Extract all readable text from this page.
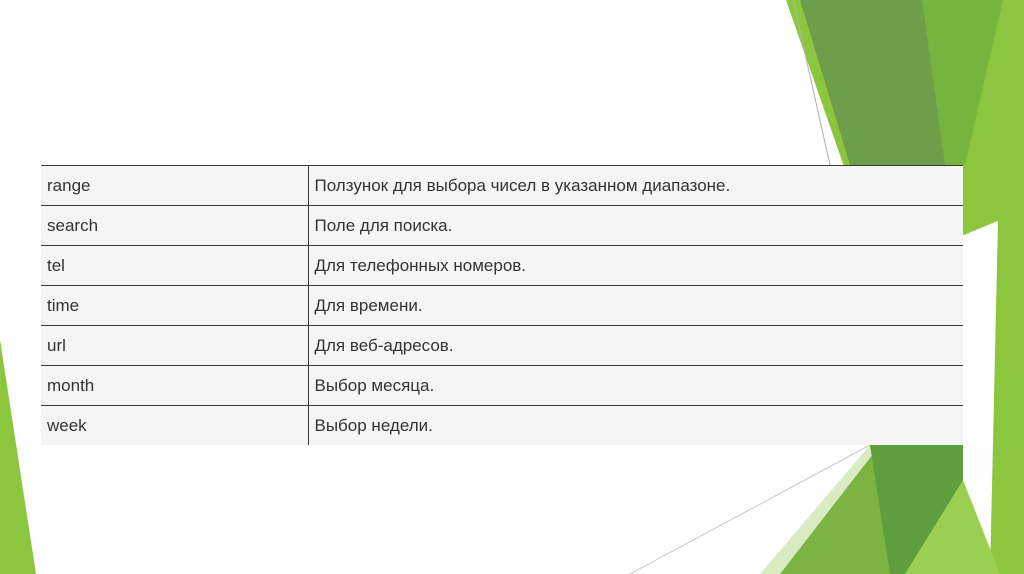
range	Ползунок для выбора чисел в указанном диапазоне.
search	Поле для поиска.
tel	Для телефонных номеров.
time	Для времени.
url	Для веб-адресов.
month	Выбор месяца.
week	Выбор недели.
